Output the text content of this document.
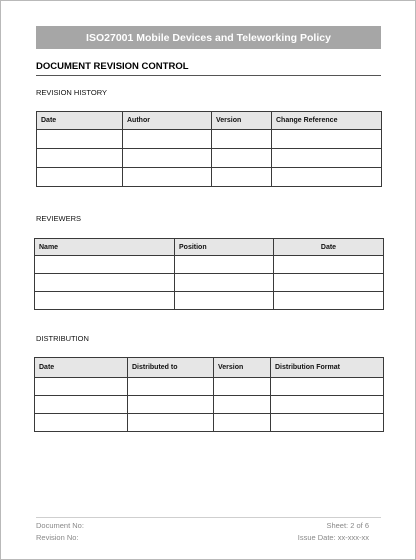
ISO27001 Mobile Devices and Teleworking Policy
DOCUMENT REVISION CONTROL
REVISION HISTORY
Date	Author	Version	Change Reference

REVIEWERS
Name	Position	Date

DISTRIBUTION
Date	Distributed to	Version	Distribution Format

Document No:
Revision No:
Sheet: 2 of 6
Issue Date: xx-xxx-xx
